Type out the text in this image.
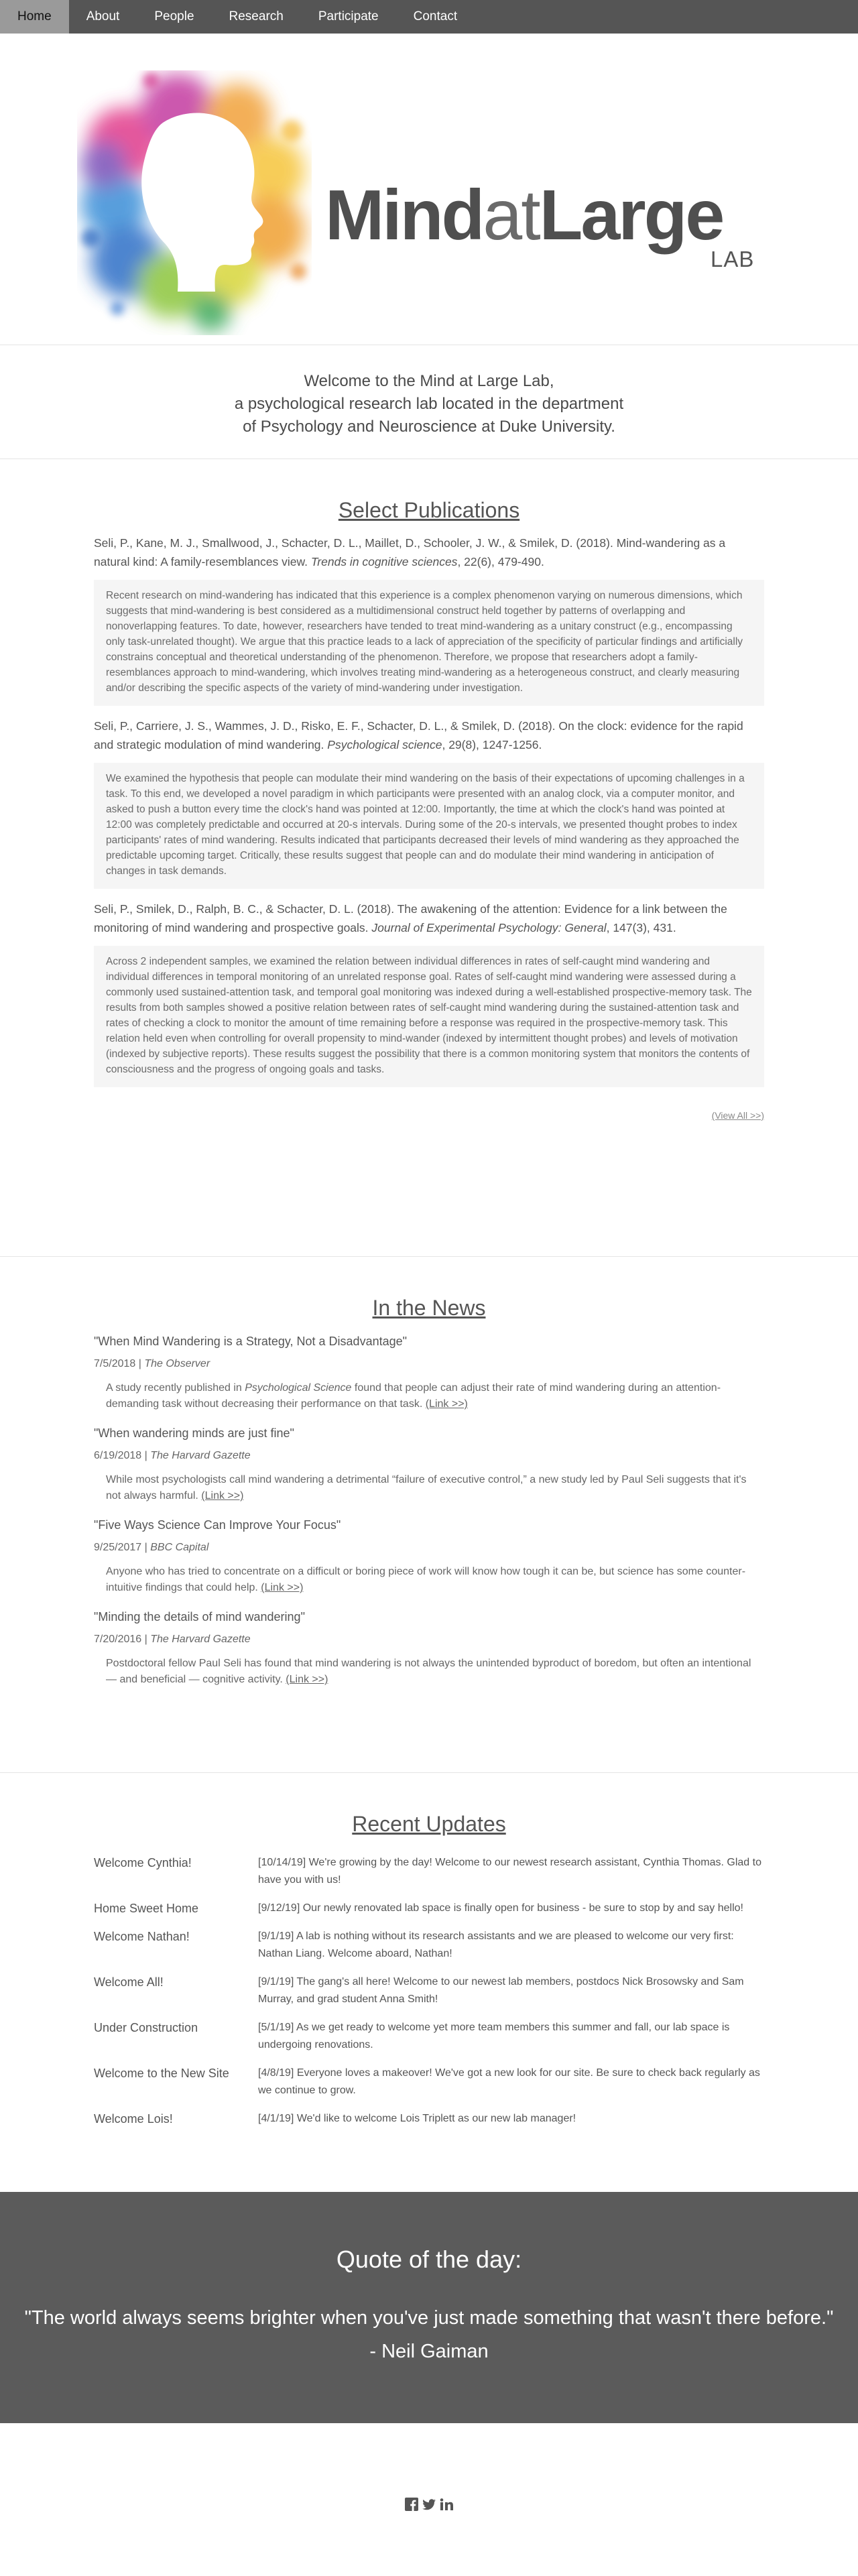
Home	About	People	Research	Participate	Contact
MindatLarge
LAB

Welcome to the Mind at Large Lab,

a psychological research lab located in the department

of Psychology and Neuroscience at Duke University.

Select Publications

Seli, P., Kane, M. J., Smallwood, J., Schacter, D. L., Maillet, D., Schooler, J. W., & Smilek, D. (2018). Mind-wandering as a natural kind: A family-resemblances view. Trends in cognitive sciences, 22(6), 479-490.

Recent research on mind-wandering has indicated that this experience is a complex phenomenon varying on numerous dimensions, which suggests that mind-wandering is best considered as a multidimensional construct held together by patterns of overlapping and nonoverlapping features. To date, however, researchers have tended to treat mind-wandering as a unitary construct (e.g., encompassing only task-unrelated thought). We argue that this practice leads to a lack of appreciation of the specificity of particular findings and artificially constrains conceptual and theoretical understanding of the phenomenon. Therefore, we propose that researchers adopt a family-resemblances approach to mind-wandering, which involves treating mind-wandering as a heterogeneous construct, and clearly measuring and/or describing the specific aspects of the variety of mind-wandering under investigation.

Seli, P., Carriere, J. S., Wammes, J. D., Risko, E. F., Schacter, D. L., & Smilek, D. (2018). On the clock: evidence for the rapid and strategic modulation of mind wandering. Psychological science, 29(8), 1247-1256.

We examined the hypothesis that people can modulate their mind wandering on the basis of their expectations of upcoming challenges in a task. To this end, we developed a novel paradigm in which participants were presented with an analog clock, via a computer monitor, and asked to push a button every time the clock's hand was pointed at 12:00. Importantly, the time at which the clock's hand was pointed at 12:00 was completely predictable and occurred at 20-s intervals. During some of the 20-s intervals, we presented thought probes to index participants' rates of mind wandering. Results indicated that participants decreased their levels of mind wandering as they approached the predictable upcoming target. Critically, these results suggest that people can and do modulate their mind wandering in anticipation of changes in task demands.

Seli, P., Smilek, D., Ralph, B. C., & Schacter, D. L. (2018). The awakening of the attention: Evidence for a link between the monitoring of mind wandering and prospective goals. Journal of Experimental Psychology: General, 147(3), 431.

Across 2 independent samples, we examined the relation between individual differences in rates of self-caught mind wandering and individual differences in temporal monitoring of an unrelated response goal. Rates of self-caught mind wandering were assessed during a commonly used sustained-attention task, and temporal goal monitoring was indexed during a well-established prospective-memory task. The results from both samples showed a positive relation between rates of self-caught mind wandering during the sustained-attention task and rates of checking a clock to monitor the amount of time remaining before a response was required in the prospective-memory task. This relation held even when controlling for overall propensity to mind-wander (indexed by intermittent thought probes) and levels of motivation (indexed by subjective reports). These results suggest the possibility that there is a common monitoring system that monitors the contents of consciousness and the progress of ongoing goals and tasks.
(View All >>)
In the News

"When Mind Wandering is a Strategy, Not a Disadvantage"

7/5/2018 | The Observer

A study recently published in Psychological Science found that people can adjust their rate of mind wandering during an attention-demanding task without decreasing their performance on that task. (Link >>)

"When wandering minds are just fine"

6/19/2018 | The Harvard Gazette

While most psychologists call mind wandering a detrimental “failure of executive control,” a new study led by Paul Seli suggests that it's not always harmful. (Link >>)

"Five Ways Science Can Improve Your Focus"

9/25/2017 | BBC Capital

Anyone who has tried to concentrate on a difficult or boring piece of work will know how tough it can be, but science has some counter-intuitive findings that could help. (Link >>)

"Minding the details of mind wandering"

7/20/2016 | The Harvard Gazette

Postdoctoral fellow Paul Seli has found that mind wandering is not always the unintended byproduct of boredom, but often an intentional — and beneficial — cognitive activity. (Link >>)

Recent Updates
Welcome Cynthia!	[10/14/19] We're growing by the day! Welcome to our newest research assistant, Cynthia Thomas. Glad to have you with us!
Home Sweet Home	[9/12/19] Our newly renovated lab space is finally open for business - be sure to stop by and say hello!
Welcome Nathan!	[9/1/19] A lab is nothing without its research assistants and we are pleased to welcome our very first: Nathan Liang. Welcome aboard, Nathan!
Welcome All!	[9/1/19] The gang's all here! Welcome to our newest lab members, postdocs Nick Brosowsky and Sam Murray, and grad student Anna Smith!
Under Construction	[5/1/19] As we get ready to welcome yet more team members this summer and fall, our lab space is undergoing renovations.
Welcome to the New Site	[4/8/19] Everyone loves a makeover! We've got a new look for our site. Be sure to check back regularly as we continue to grow.
Welcome Lois!	[4/1/19] We'd like to welcome Lois Triplett as our new lab manager!
Quote of the day:

"The world always seems brighter when you've just made something that wasn't there before."

- Neil Gaiman
